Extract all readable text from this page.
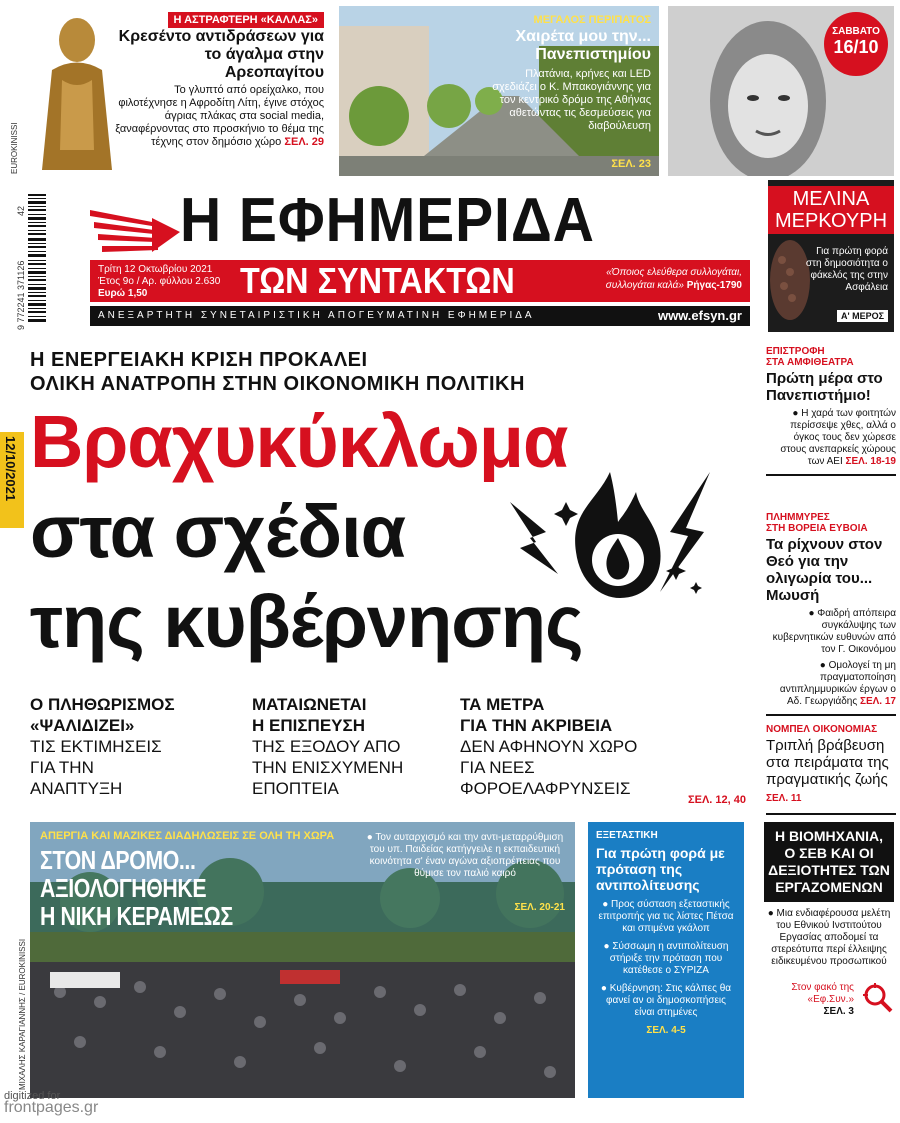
12/10/2021
Η ΑΣΤΡΑΦΤΕΡΗ «ΚΑΛΛΑΣ»
Κρεσέντο αντιδράσεων για το άγαλμα στην Αρεοπαγίτου
Το γλυπτό από ορείχαλκο, που φιλοτέχνησε η Αφροδίτη Λίτη, έγινε στόχος άγριας πλάκας στα social media, ξαναφέρνοντας στο προσκήνιο το θέμα της τέχνης στον δημόσιο χώρο ΣΕΛ. 29
EUROKINISSI
ΜΕΓΑΛΟΣ ΠΕΡΙΠΑΤΟΣ
Χαιρέτα μου την... Πανεπιστημίου
Πλατάνια, κρήνες και LED σχεδιάζει ο Κ. Μπακογιάννης για τον κεντρικό δρόμο της Αθήνας αθετώντας τις δεσμεύσεις για διαβούλευση
ΣΕΛ. 23
ΣΑΒΒΑΤΟ
16/10
9 772241 371126
42 Η ΕΦΗΜΕΡΙΔΑ
Τρίτη 12 Οκτωβρίου 2021
Έτος 9ο / Αρ. φύλλου 2.630
Ευρώ 1,50	ΤΩΝ ΣΥΝΤΑΚΤΩΝ	«Όποιος ελεύθερα συλλογάται, συλλογάται καλά» Ρήγας-1790
ΑΝΕΞΑΡΤΗΤΗ ΣΥΝΕΤΑΙΡΙΣΤΙΚΗ ΑΠΟΓΕΥΜΑΤΙΝΗ ΕΦΗΜΕΡΙΔΑ	www.efsyn.gr
ΜΕΛΙΝΑ
ΜΕΡΚΟΥΡΗ
Για πρώτη φορά στη δημοσιότητα ο φάκελός της στην Ασφάλεια
Α' ΜΕΡΟΣ
Η ΕΝΕΡΓΕΙΑΚΗ ΚΡΙΣΗ ΠΡΟΚΑΛΕΙ
ΟΛΙΚΗ ΑΝΑΤΡΟΠΗ ΣΤΗΝ ΟΙΚΟΝΟΜΙΚΗ ΠΟΛΙΤΙΚΗ
Βραχυκύκλωμα
στα σχέδια
της κυβέρνησης
Ο ΠΛΗΘΩΡΙΣΜΟΣ
«ΨΑΛΙΔΙΖΕΙ»
ΤΙΣ ΕΚΤΙΜΗΣΕΙΣ
ΓΙΑ ΤΗΝ
ΑΝΑΠΤΥΞΗ
ΜΑΤΑΙΩΝΕΤΑΙ
Η ΕΠΙΣΠΕΥΣΗ
ΤΗΣ ΕΞΟΔΟΥ ΑΠΟ
ΤΗΝ ΕΝΙΣΧΥΜΕΝΗ
ΕΠΟΠΤΕΙΑ
ΤΑ ΜΕΤΡΑ
ΓΙΑ ΤΗΝ ΑΚΡΙΒΕΙΑ
ΔΕΝ ΑΦΗΝΟΥΝ ΧΩΡΟ
ΓΙΑ ΝΕΕΣ
ΦΟΡΟΕΛΑΦΡΥΝΣΕΙΣ
ΣΕΛ. 12, 40
ΕΠΙΣΤΡΟΦΗ
ΣΤΑ ΑΜΦΙΘΕΑΤΡΑ
Πρώτη μέρα στο Πανεπιστήμιο!
● Η χαρά των φοιτητών περίσσεψε χθες, αλλά ο όγκος τους δεν χώρεσε στους ανεπαρκείς χώρους των ΑΕΙ ΣΕΛ. 18-19
ΠΛΗΜΜΥΡΕΣ
ΣΤΗ ΒΟΡΕΙΑ ΕΥΒΟΙΑ
Τα ρίχνουν στον Θεό για την ολιγωρία του... Μωυσή
● Φαιδρή απόπειρα συγκάλυψης των κυβερνητικών ευθυνών από τον Γ. Οικονόμου
● Ομολογεί τη μη πραγματοποίηση αντιπλημμυρικών έργων ο Αδ. Γεωργιάδης ΣΕΛ. 17
ΝΟΜΠΕΛ ΟΙΚΟΝΟΜΙΑΣ
Τριπλή βράβευση στα πειράματα της πραγματικής ζωής ΣΕΛ. 11
ΑΠΕΡΓΙΑ ΚΑΙ ΜΑΖΙΚΕΣ ΔΙΑΔΗΛΩΣΕΙΣ ΣΕ ΟΛΗ ΤΗ ΧΩΡΑ
ΣΤΟΝ ΔΡΟΜΟ... ΑΞΙΟΛΟΓΗΘΗΚΕ
Η ΝΙΚΗ ΚΕΡΑΜΕΩΣ
● Τον αυταρχισμό και την αντι-μεταρρύθμιση του υπ. Παιδείας κατήγγειλε η εκπαιδευτική κοινότητα σ' έναν αγώνα αξιοπρέπειας που θύμισε τον παλιό καιρό
ΣΕΛ. 20-21
ΜΙΧΑΛΗΣ ΚΑΡΑΓΙΑΝΝΗΣ / EUROKINISSI
ΕΞΕΤΑΣΤΙΚΗ
Για πρώτη φορά με πρόταση της αντιπολίτευσης
● Προς σύσταση εξεταστικής επιτροπής για τις λίστες Πέτσα και σπιμένα γκάλοπ
● Σύσσωμη η αντιπολίτευση στήριξε την πρόταση που κατέθεσε ο ΣΥΡΙΖΑ
● Κυβέρνηση: Στις κάλπες θα φανεί αν οι δημοσκοπήσεις είναι στημένες
ΣΕΛ. 4-5
Η ΒΙΟΜΗΧΑΝΙΑ, Ο ΣΕΒ ΚΑΙ ΟΙ ΔΕΞΙΟΤΗΤΕΣ ΤΩΝ ΕΡΓΑΖΟΜΕΝΩΝ
● Μια ενδιαφέρουσα μελέτη του Εθνικού Ινστιτούτου Εργασίας αποδομεί τα στερεότυπα περί έλλειψης ειδικευμένου προσωπικού
Στον φακό της «Εφ.Συν.»
ΣΕΛ. 3
digitized for
frontpages.gr
